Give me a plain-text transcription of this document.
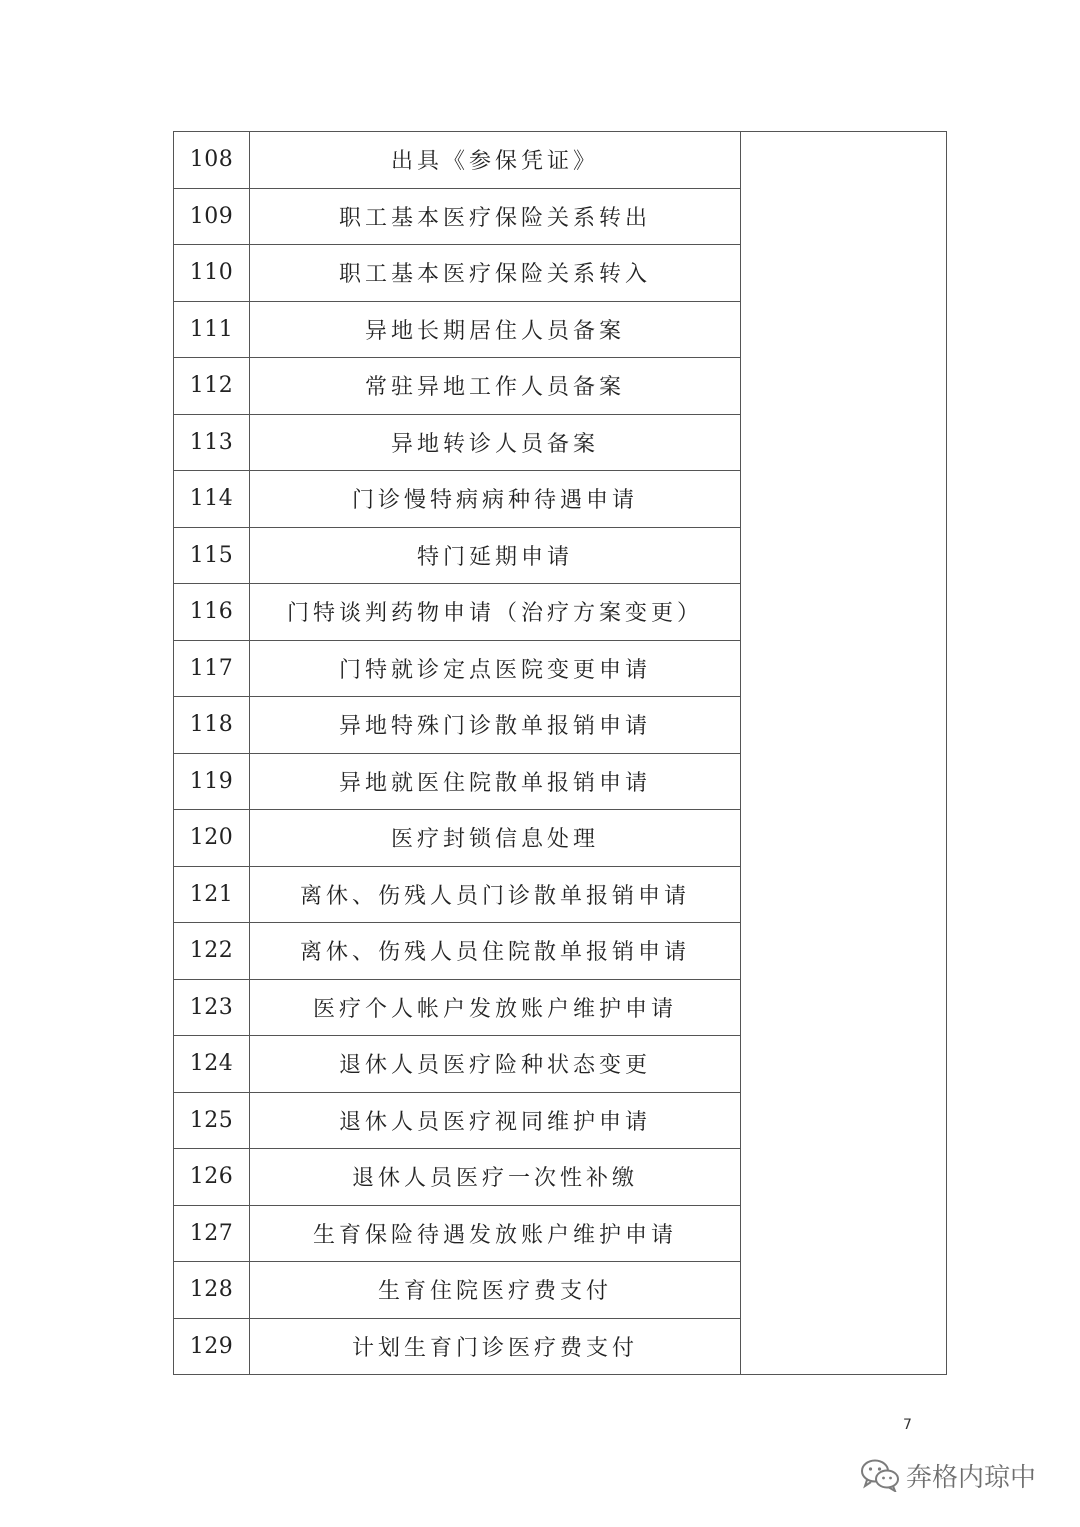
108	出具《参保凭证》	
109	职工基本医疗保险关系转出	
110	职工基本医疗保险关系转入	
111	异地长期居住人员备案	
112	常驻异地工作人员备案	
113	异地转诊人员备案	
114	门诊慢特病病种待遇申请	
115	特门延期申请	
116	门特谈判药物申请（治疗方案变更）	
117	门特就诊定点医院变更申请	
118	异地特殊门诊散单报销申请	
119	异地就医住院散单报销申请	
120	医疗封锁信息处理	
121	离休、伤残人员门诊散单报销申请	
122	离休、伤残人员住院散单报销申请	
123	医疗个人帐户发放账户维护申请	
124	退休人员医疗险种状态变更	
125	退休人员医疗视同维护申请	
126	退休人员医疗一次性补缴	
127	生育保险待遇发放账户维护申请	
128	生育住院医疗费支付	
129	计划生育门诊医疗费支付	
7
奔格内琼中
